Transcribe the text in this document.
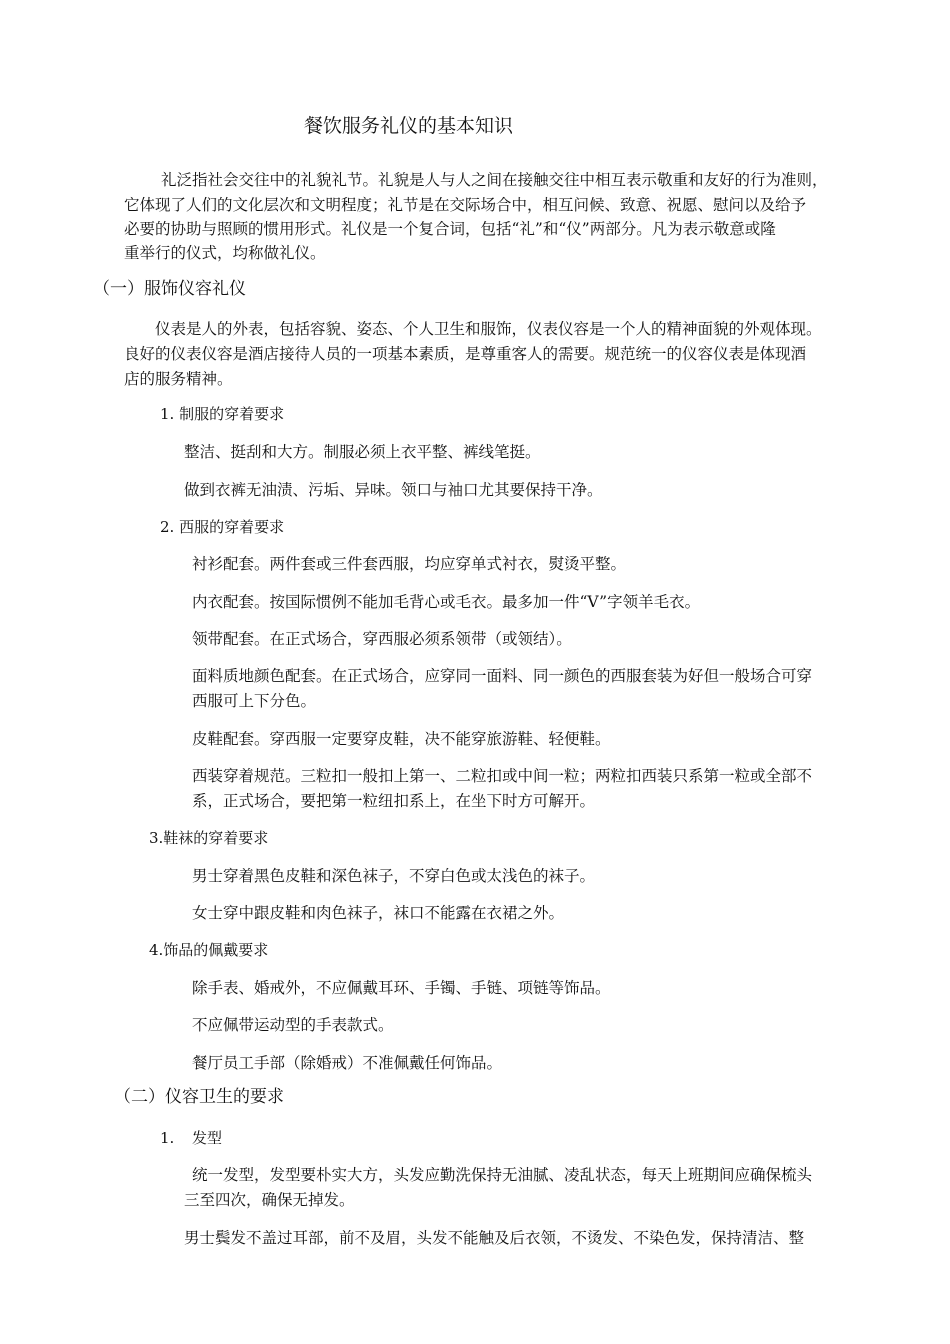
餐饮服务礼仪的基本知识
礼泛指社会交往中的礼貌礼节。礼貌是人与人之间在接触交往中相互表示敬重和友好的行为准则，
它体现了人们的文化层次和文明程度；礼节是在交际场合中，相互问候、致意、祝愿、慰问以及给予
必要的协助与照顾的惯用形式。礼仪是一个复合词，包括“礼”和“仪”两部分。凡为表示敬意或隆
重举行的仪式，均称做礼仪。
（一）服饰仪容礼仪
仪表是人的外表，包括容貌、姿态、个人卫生和服饰，仪表仪容是一个人的精神面貌的外观体现。
良好的仪表仪容是酒店接待人员的一项基本素质，是尊重客人的需要。规范统一的仪容仪表是体现酒
店的服务精神。
1. 制服的穿着要求
整洁、挺刮和大方。制服必须上衣平整、裤线笔挺。
做到衣裤无油渍、污垢、异味。领口与袖口尤其要保持干净。
2. 西服的穿着要求
衬衫配套。两件套或三件套西服，均应穿单式衬衣，熨烫平整。
内衣配套。按国际惯例不能加毛背心或毛衣。最多加一件“V”字领羊毛衣。
领带配套。在正式场合，穿西服必须系领带（或领结）。
面料质地颜色配套。在正式场合，应穿同一面料、同一颜色的西服套装为好但一般场合可穿
西服可上下分色。
皮鞋配套。穿西服一定要穿皮鞋，决不能穿旅游鞋、轻便鞋。
西装穿着规范。三粒扣一般扣上第一、二粒扣或中间一粒；两粒扣西装只系第一粒或全部不
系，正式场合，要把第一粒纽扣系上，在坐下时方可解开。
3.鞋袜的穿着要求
男士穿着黑色皮鞋和深色袜子，不穿白色或太浅色的袜子。
女士穿中跟皮鞋和肉色袜子，袜口不能露在衣裙之外。
4.饰品的佩戴要求
除手表、婚戒外，不应佩戴耳环、手镯、手链、项链等饰品。
不应佩带运动型的手表款式。
餐厅员工手部（除婚戒）不准佩戴任何饰品。
（二）仪容卫生的要求
1. 发型
统一发型，发型要朴实大方，头发应勤洗保持无油腻、凌乱状态，每天上班期间应确保梳头
三至四次，确保无掉发。
男士鬓发不盖过耳部，前不及眉，头发不能触及后衣领，不烫发、不染色发，保持清洁、整
